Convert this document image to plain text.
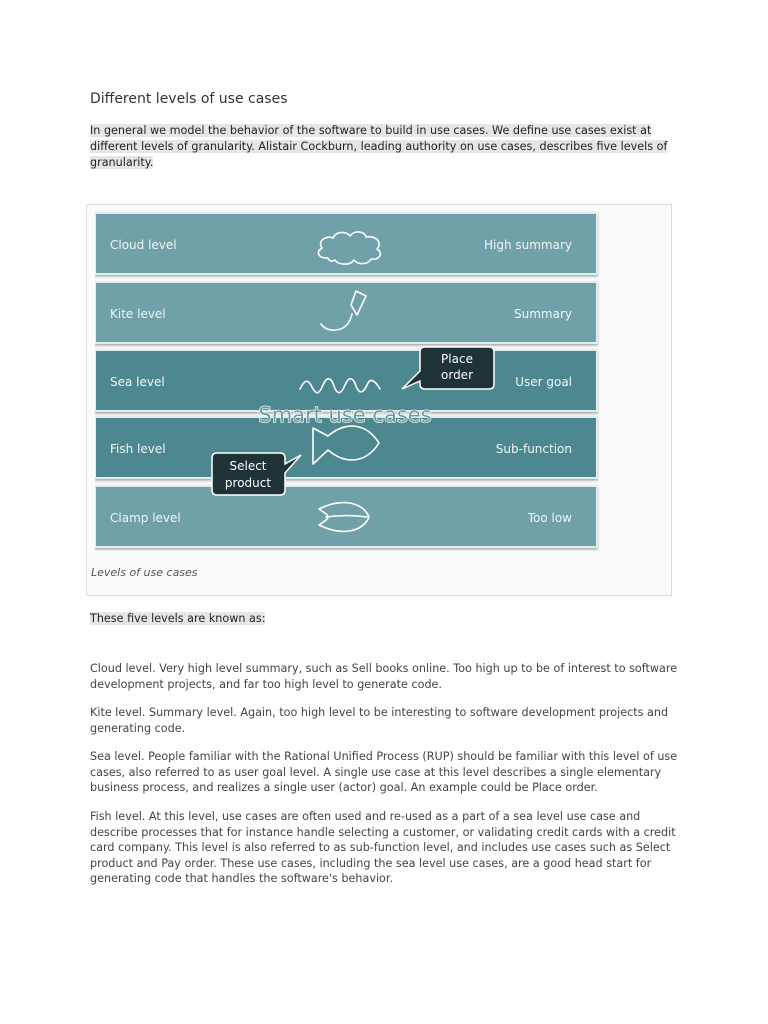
Different levels of use cases

In general we model the behavior of the software to build in use cases. We define use cases exist at different levels of granularity. Alistair Cockburn, leading authority on use cases, describes five levels of granularity.

Cloud level
Kite level
Sea level
Fish level
Clamp level
High summary
Summary
User goal
Sub-function
Too low
Place
order
Select
product
Smart use cases

Levels of use cases

These five levels are known as:

Cloud level. Very high level summary, such as Sell books online. Too high up to be of interest to software development projects, and far too high level to generate code.

Kite level. Summary level. Again, too high level to be interesting to software development projects and generating code.

Sea level. People familiar with the Rational Unified Process (RUP) should be familiar with this level of use cases, also referred to as user goal level. A single use case at this level describes a single elementary business process, and realizes a single user (actor) goal. An example could be Place order.

Fish level. At this level, use cases are often used and re-used as a part of a sea level use case and describe processes that for instance handle selecting a customer, or validating credit cards with a credit card company. This level is also referred to as sub-function level, and includes use cases such as Select product and Pay order. These use cases, including the sea level use cases, are a good head start for generating code that handles the software's behavior.
